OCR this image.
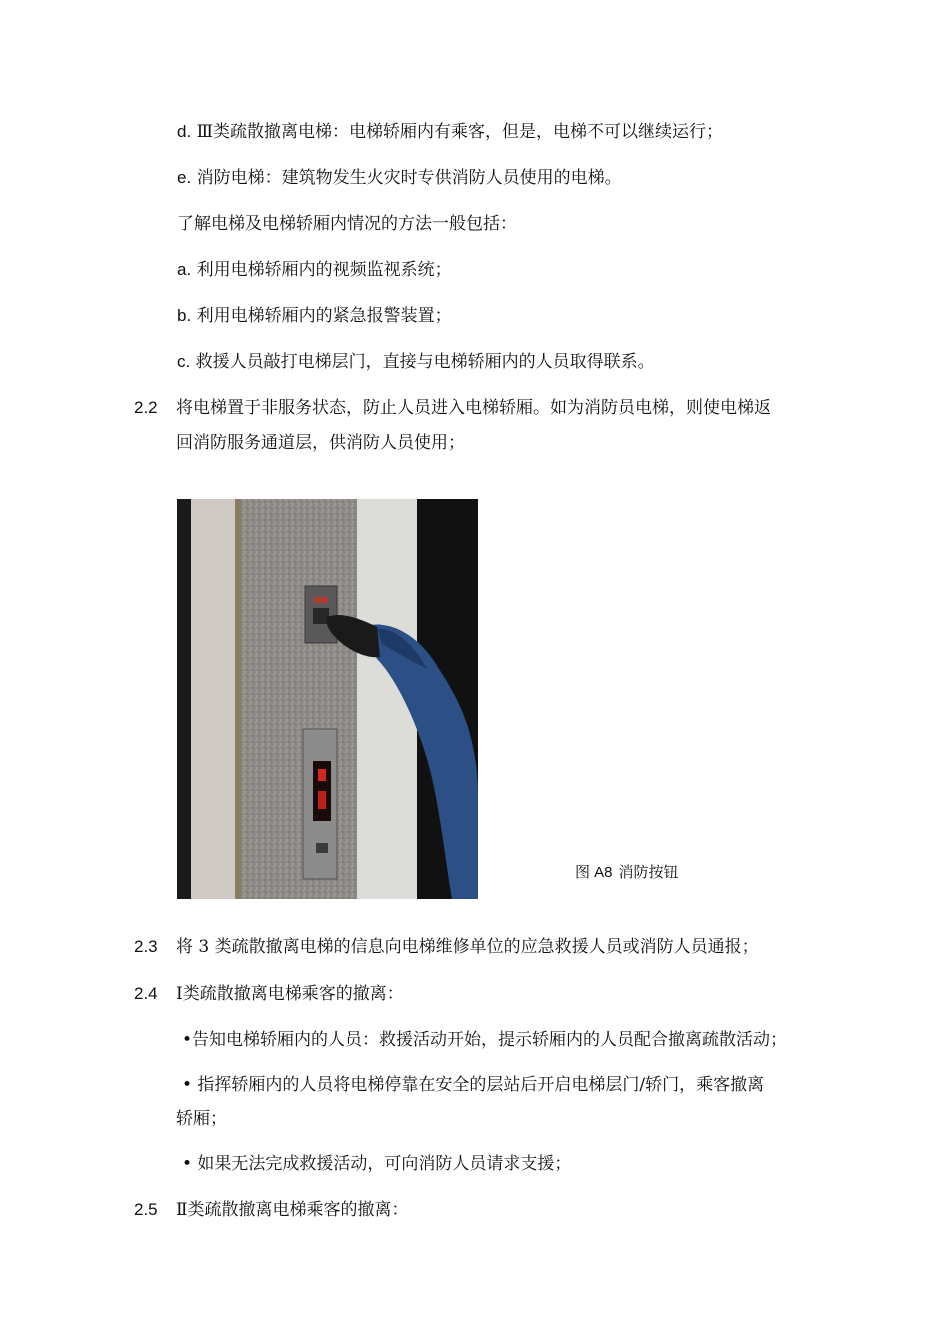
d. Ⅲ类疏散撤离电梯：电梯轿厢内有乘客，但是，电梯不可以继续运行；
e. 消防电梯：建筑物发生火灾时专供消防人员使用的电梯。
了解电梯及电梯轿厢内情况的方法一般包括：
a. 利用电梯轿厢内的视频监视系统；
b. 利用电梯轿厢内的紧急报警装置；
c. 救援人员敲打电梯层门，直接与电梯轿厢内的人员取得联系。
2.2 将电梯置于非服务状态，防止人员进入电梯轿厢。如为消防员电梯，则使电梯返
回消防服务通道层，供消防人员使用；
图 A8 消防按钮
2.3 将 3 类疏散撤离电梯的信息向电梯维修单位的应急救援人员或消防人员通报；
2.4 Ⅰ类疏散撤离电梯乘客的撤离：
•告知电梯轿厢内的人员：救援活动开始，提示轿厢内的人员配合撤离疏散活动；
• 指挥轿厢内的人员将电梯停靠在安全的层站后开启电梯层门/轿门，乘客撤离
轿厢；
• 如果无法完成救援活动，可向消防人员请求支援；
2.5 Ⅱ类疏散撤离电梯乘客的撤离：
